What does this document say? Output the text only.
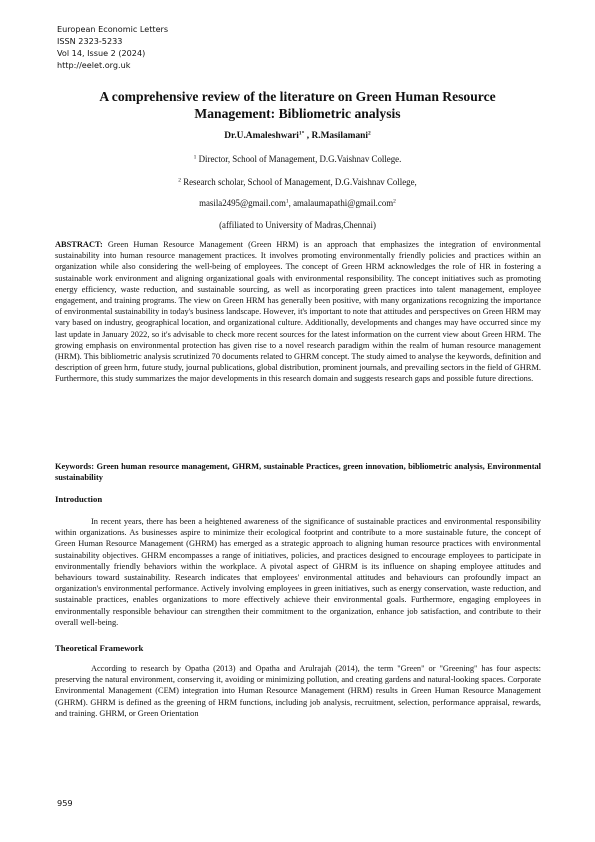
European Economic Letters
ISSN 2323-5233
Vol 14, Issue 2 (2024)
http://eelet.org.uk
A comprehensive review of the literature on Green Human Resource Management: Bibliometric analysis
Dr.U.Amaleshwari$^{1*}$ , R.Masilamani$^2$
$^1$ Director, School of Management, D.G.Vaishnav College.
$^2$ Research scholar, School of Management, D.G.Vaishnav College,
masila2495@gmail.com$^1$, amalaumapathi@gmail.com$^2$
(affiliated to University of Madras,Chennai)

ABSTRACT: Green Human Resource Management (Green HRM) is an approach that emphasizes the integration of environmental sustainability into human resource management practices. It involves promoting environmentally friendly policies and practices within an organization while also considering the well-being of employees. The concept of Green HRM acknowledges the role of HR in fostering a sustainable work environment and aligning organizational goals with environmental responsibility. The concept initiatives such as promoting energy efficiency, waste reduction, and sustainable sourcing, as well as incorporating green practices into talent management, employee engagement, and training programs. The view on Green HRM has generally been positive, with many organizations recognizing the importance of environmental sustainability in today's business landscape. However, it's important to note that attitudes and perspectives on Green HRM may vary based on industry, geographical location, and organizational culture. Additionally, developments and changes may have occurred since my last update in January 2022, so it's advisable to check more recent sources for the latest information on the current view about Green HRM. The growing emphasis on environmental protection has given rise to a novel research paradigm within the realm of human resource management (HRM). This bibliometric analysis scrutinized 70 documents related to GHRM concept. The study aimed to analyse the keywords, definition and description of green hrm, future study, journal publications, global distribution, prominent journals, and prevailing sectors in the field of GHRM. Furthermore, this study summarizes the major developments in this research domain and suggests research gaps and possible future directions.

Keywords: Green human resource management, GHRM, sustainable Practices, green innovation, bibliometric analysis, Environmental sustainability

Introduction

In recent years, there has been a heightened awareness of the significance of sustainable practices and environmental responsibility within organizations. As businesses aspire to minimize their ecological footprint and contribute to a more sustainable future, the concept of Green Human Resource Management (GHRM) has emerged as a strategic approach to aligning human resource practices with environmental sustainability objectives. GHRM encompasses a range of initiatives, policies, and practices designed to encourage employees to participate in environmentally friendly behaviors within the workplace. A pivotal aspect of GHRM is its influence on shaping employee attitudes and behaviours toward sustainability. Research indicates that employees' environmental attitudes and behaviours can profoundly impact an organization's environmental performance. Actively involving employees in green initiatives, such as energy conservation, waste reduction, and sustainable practices, enables organizations to more effectively achieve their environmental goals. Furthermore, engaging employees in environmentally responsible behaviour can strengthen their commitment to the organization, enhance job satisfaction, and contribute to their overall well-being.

Theoretical Framework

According to research by Opatha (2013) and Opatha and Arulrajah (2014), the term "Green" or "Greening" has four aspects: preserving the natural environment, conserving it, avoiding or minimizing pollution, and creating gardens and natural-looking spaces. Corporate Environmental Management (CEM) integration into Human Resource Management (HRM) results in Green Human Resource Management (GHRM). GHRM is defined as the greening of HRM functions, including job analysis, recruitment, selection, performance appraisal, rewards, and training. GHRM, or Green Orientation

959
